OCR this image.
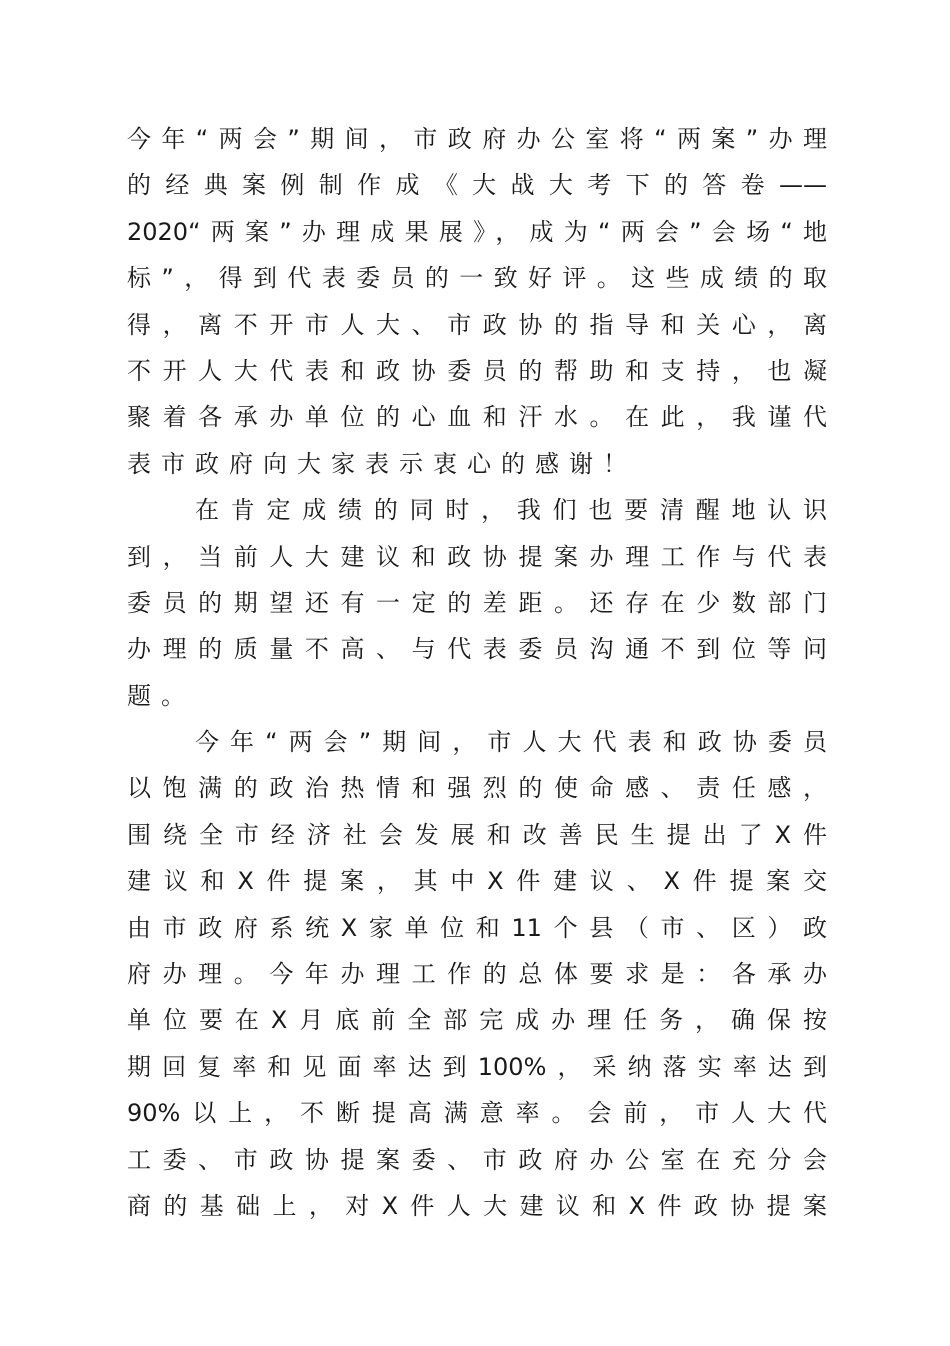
今年“两会”期间，市政府办公室将“两案”办理
的经典案例制作成《大战大考下的答卷——
2020“两案”办理成果展》，成为“两会”会场“地
标”，得到代表委员的一致好评。这些成绩的取
得，离不开市人大、市政协的指导和关心，离
不开人大代表和政协委员的帮助和支持，也凝
聚着各承办单位的心血和汗水。在此，我谨代
表市政府向大家表示衷心的感谢！
在肯定成绩的同时，我们也要清醒地认识
到，当前人大建议和政协提案办理工作与代表
委员的期望还有一定的差距。还存在少数部门
办理的质量不高、与代表委员沟通不到位等问
题。
今年“两会”期间，市人大代表和政协委员
以饱满的政治热情和强烈的使命感、责任感，
围绕全市经济社会发展和改善民生提出了X件
建议和X件提案，其中X件建议、X件提案交
由市政府系统X家单位和11个县（市、区）政
府办理。今年办理工作的总体要求是：各承办
单位要在X月底前全部完成办理任务，确保按
期回复率和见面率达到100%，采纳落实率达到
90%以上，不断提高满意率。会前，市人大代
工委、市政协提案委、市政府办公室在充分会
商的基础上，对X件人大建议和X件政协提案
